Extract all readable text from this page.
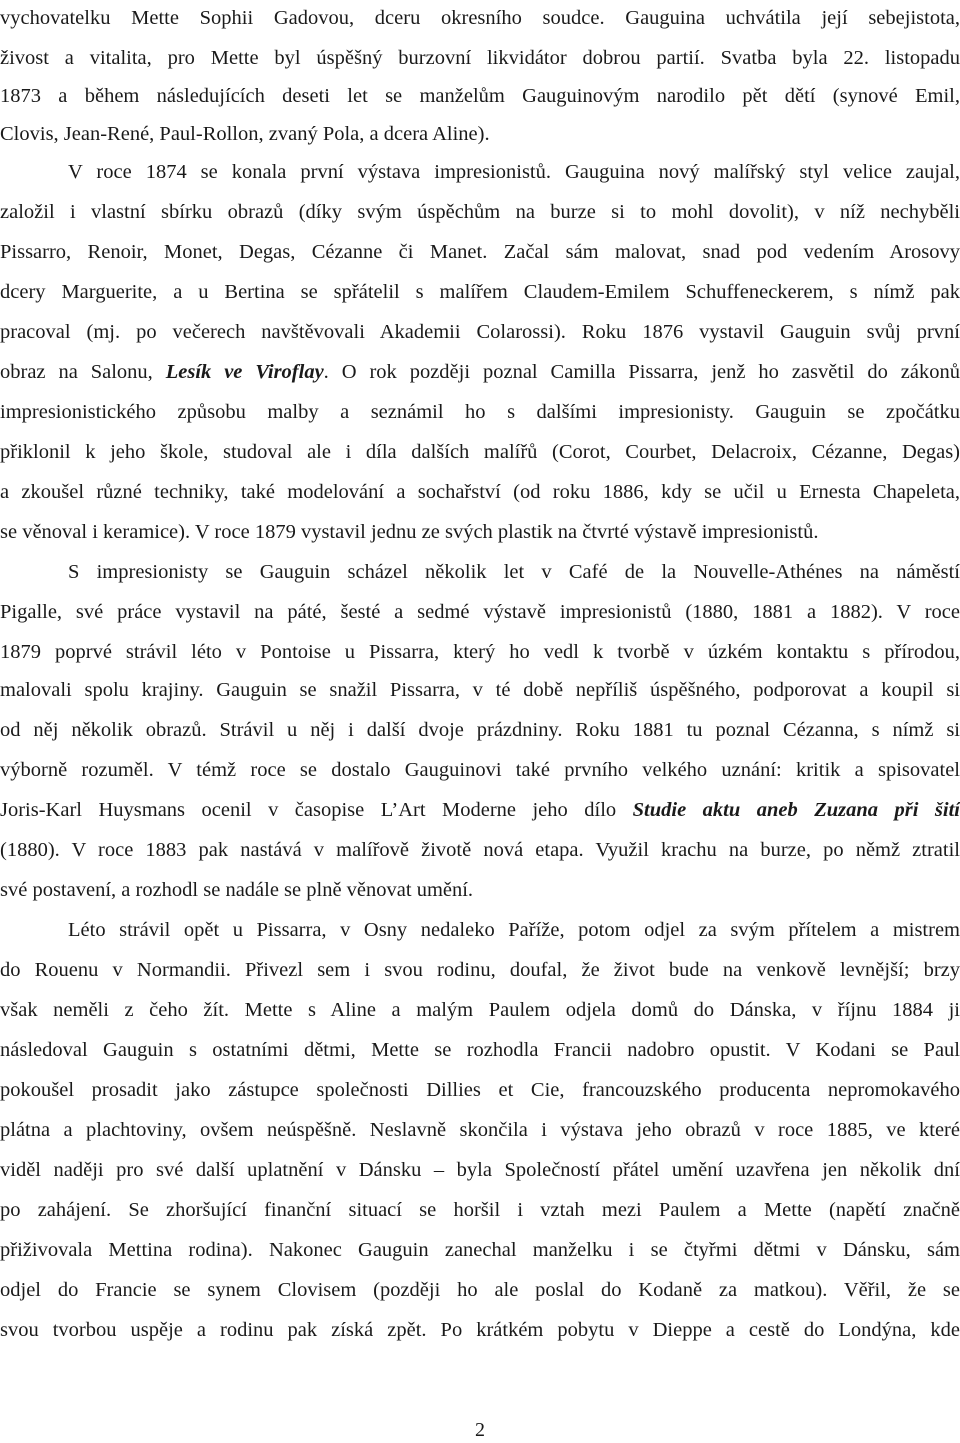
vychovatelku Mette Sophii Gadovou, dceru okresního soudce. Gauguina uchvátila její sebejistota,
živost a vitalita, pro Mette byl úspěšný burzovní likvidátor dobrou partií. Svatba byla 22. listopadu
1873 a během následujících deseti let se manželům Gauguinovým narodilo pět dětí (synové Emil,
Clovis, Jean-René, Paul-Rollon, zvaný Pola, a dcera Aline).
V roce 1874 se konala první výstava impresionistů. Gauguina nový malířský styl velice zaujal,
založil i vlastní sbírku obrazů (díky svým úspěchům na burze si to mohl dovolit), v níž nechyběli
Pissarro, Renoir, Monet, Degas, Cézanne či Manet. Začal sám malovat, snad pod vedením Arosovy
dcery Marguerite, a u Bertina se spřátelil s malířem Claudem-Emilem Schuffeneckerem, s nímž pak
pracoval (mj. po večerech navštěvovali Akademii Colarossi). Roku 1876 vystavil Gauguin svůj první
obraz na Salonu, Lesík ve Viroflay. O rok později poznal Camilla Pissarra, jenž ho zasvětil do zákonů
impresionistického způsobu malby a seznámil ho s dalšími impresionisty. Gauguin se zpočátku
přiklonil k jeho škole, studoval ale i díla dalších malířů (Corot, Courbet, Delacroix, Cézanne, Degas)
a zkoušel různé techniky, také modelování a sochařství (od roku 1886, kdy se učil u Ernesta Chapeleta,
se věnoval i keramice). V roce 1879 vystavil jednu ze svých plastik na čtvrté výstavě impresionistů.
S impresionisty se Gauguin scházel několik let v Café de la Nouvelle-Athénes na náměstí
Pigalle, své práce vystavil na páté, šesté a sedmé výstavě impresionistů (1880, 1881 a 1882). V roce
1879 poprvé strávil léto v Pontoise u Pissarra, který ho vedl k tvorbě v úzkém kontaktu s přírodou,
malovali spolu krajiny. Gauguin se snažil Pissarra, v té době nepříliš úspěšného, podporovat a koupil si
od něj několik obrazů. Strávil u něj i další dvoje prázdniny. Roku 1881 tu poznal Cézanna, s nímž si
výborně rozuměl. V témž roce se dostalo Gauguinovi také prvního velkého uznání: kritik a spisovatel
Joris-Karl Huysmans ocenil v časopise L’Art Moderne jeho dílo Studie aktu aneb Zuzana při šití
(1880). V roce 1883 pak nastává v malířově životě nová etapa. Využil krachu na burze, po němž ztratil
své postavení, a rozhodl se nadále se plně věnovat umění.
Léto strávil opět u Pissarra, v Osny nedaleko Paříže, potom odjel za svým přítelem a mistrem
do Rouenu v Normandii. Přivezl sem i svou rodinu, doufal, že život bude na venkově levnější; brzy
však neměli z čeho žít. Mette s Aline a malým Paulem odjela domů do Dánska, v říjnu 1884 ji
následoval Gauguin s ostatními dětmi, Mette se rozhodla Francii nadobro opustit. V Kodani se Paul
pokoušel prosadit jako zástupce společnosti Dillies et Cie, francouzského producenta nepromokavého
plátna a plachtoviny, ovšem neúspěšně. Neslavně skončila i výstava jeho obrazů v roce 1885, ve které
viděl naději pro své další uplatnění v Dánsku – byla Společností přátel umění uzavřena jen několik dní
po zahájení. Se zhoršující finanční situací se horšil i vztah mezi Paulem a Mette (napětí značně
přiživovala Mettina rodina). Nakonec Gauguin zanechal manželku i se čtyřmi dětmi v Dánsku, sám
odjel do Francie se synem Clovisem (později ho ale poslal do Kodaně za matkou). Věřil, že se
svou tvorbou uspěje a rodinu pak získá zpět. Po krátkém pobytu v Dieppe a cestě do Londýna, kde
2
